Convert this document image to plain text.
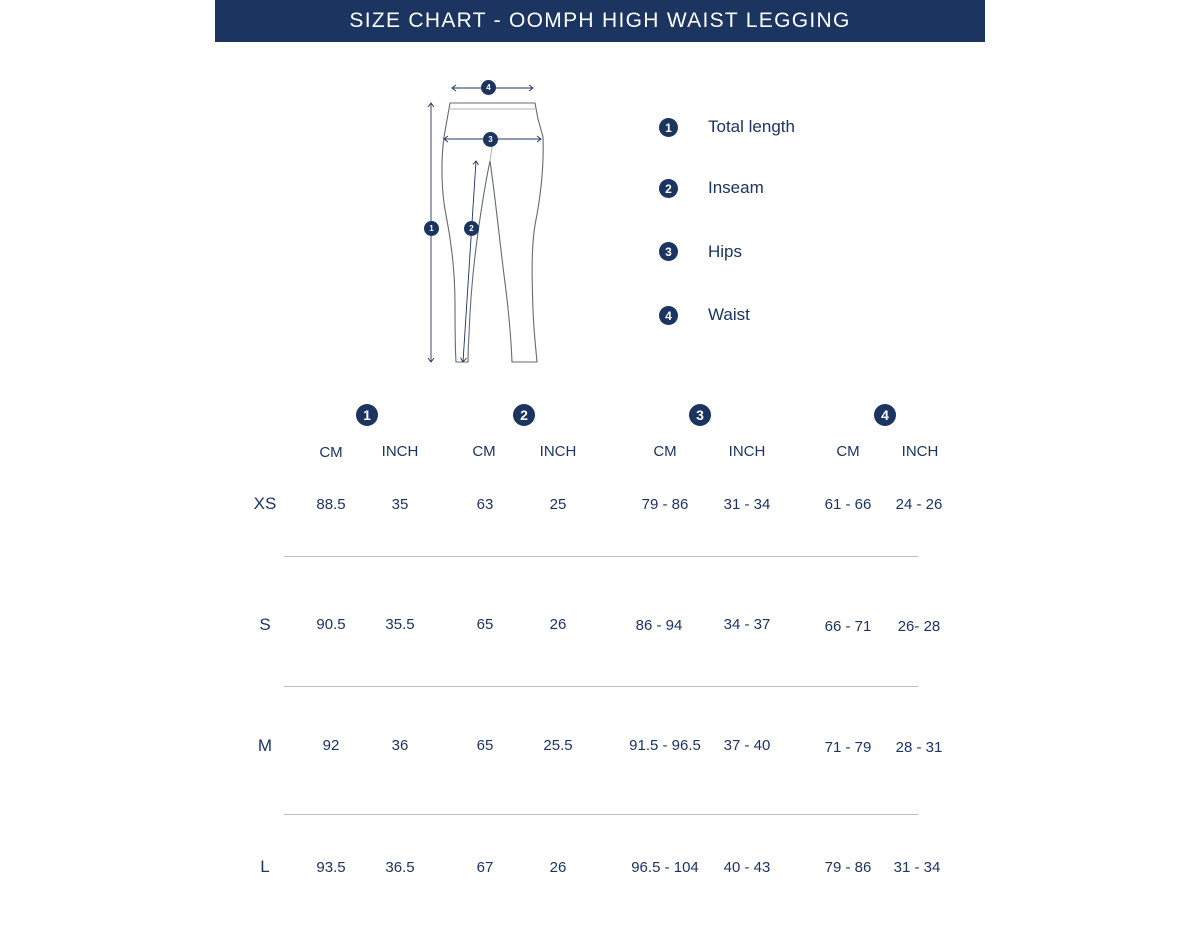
SIZE CHART - OOMPH HIGH WAIST LEGGING
4
3
1	2
1	Total length
2	Inseam
3	Hips
4	Waist
1	2	3	4
CM	INCH	CM	INCH	CM	INCH	CM	INCH
XS	88.5	35	63	25	79 - 86	31 - 34	61 - 66	24 - 26
S	90.5	35.5	65	26	86 - 94	34 - 37	66 - 71	26- 28
M	92	36	65	25.5	91.5 - 96.5	37 - 40	71 - 79	28 - 31
L	93.5	36.5	67	26	96.5 - 104	40 - 43	79 - 86	31 - 34
